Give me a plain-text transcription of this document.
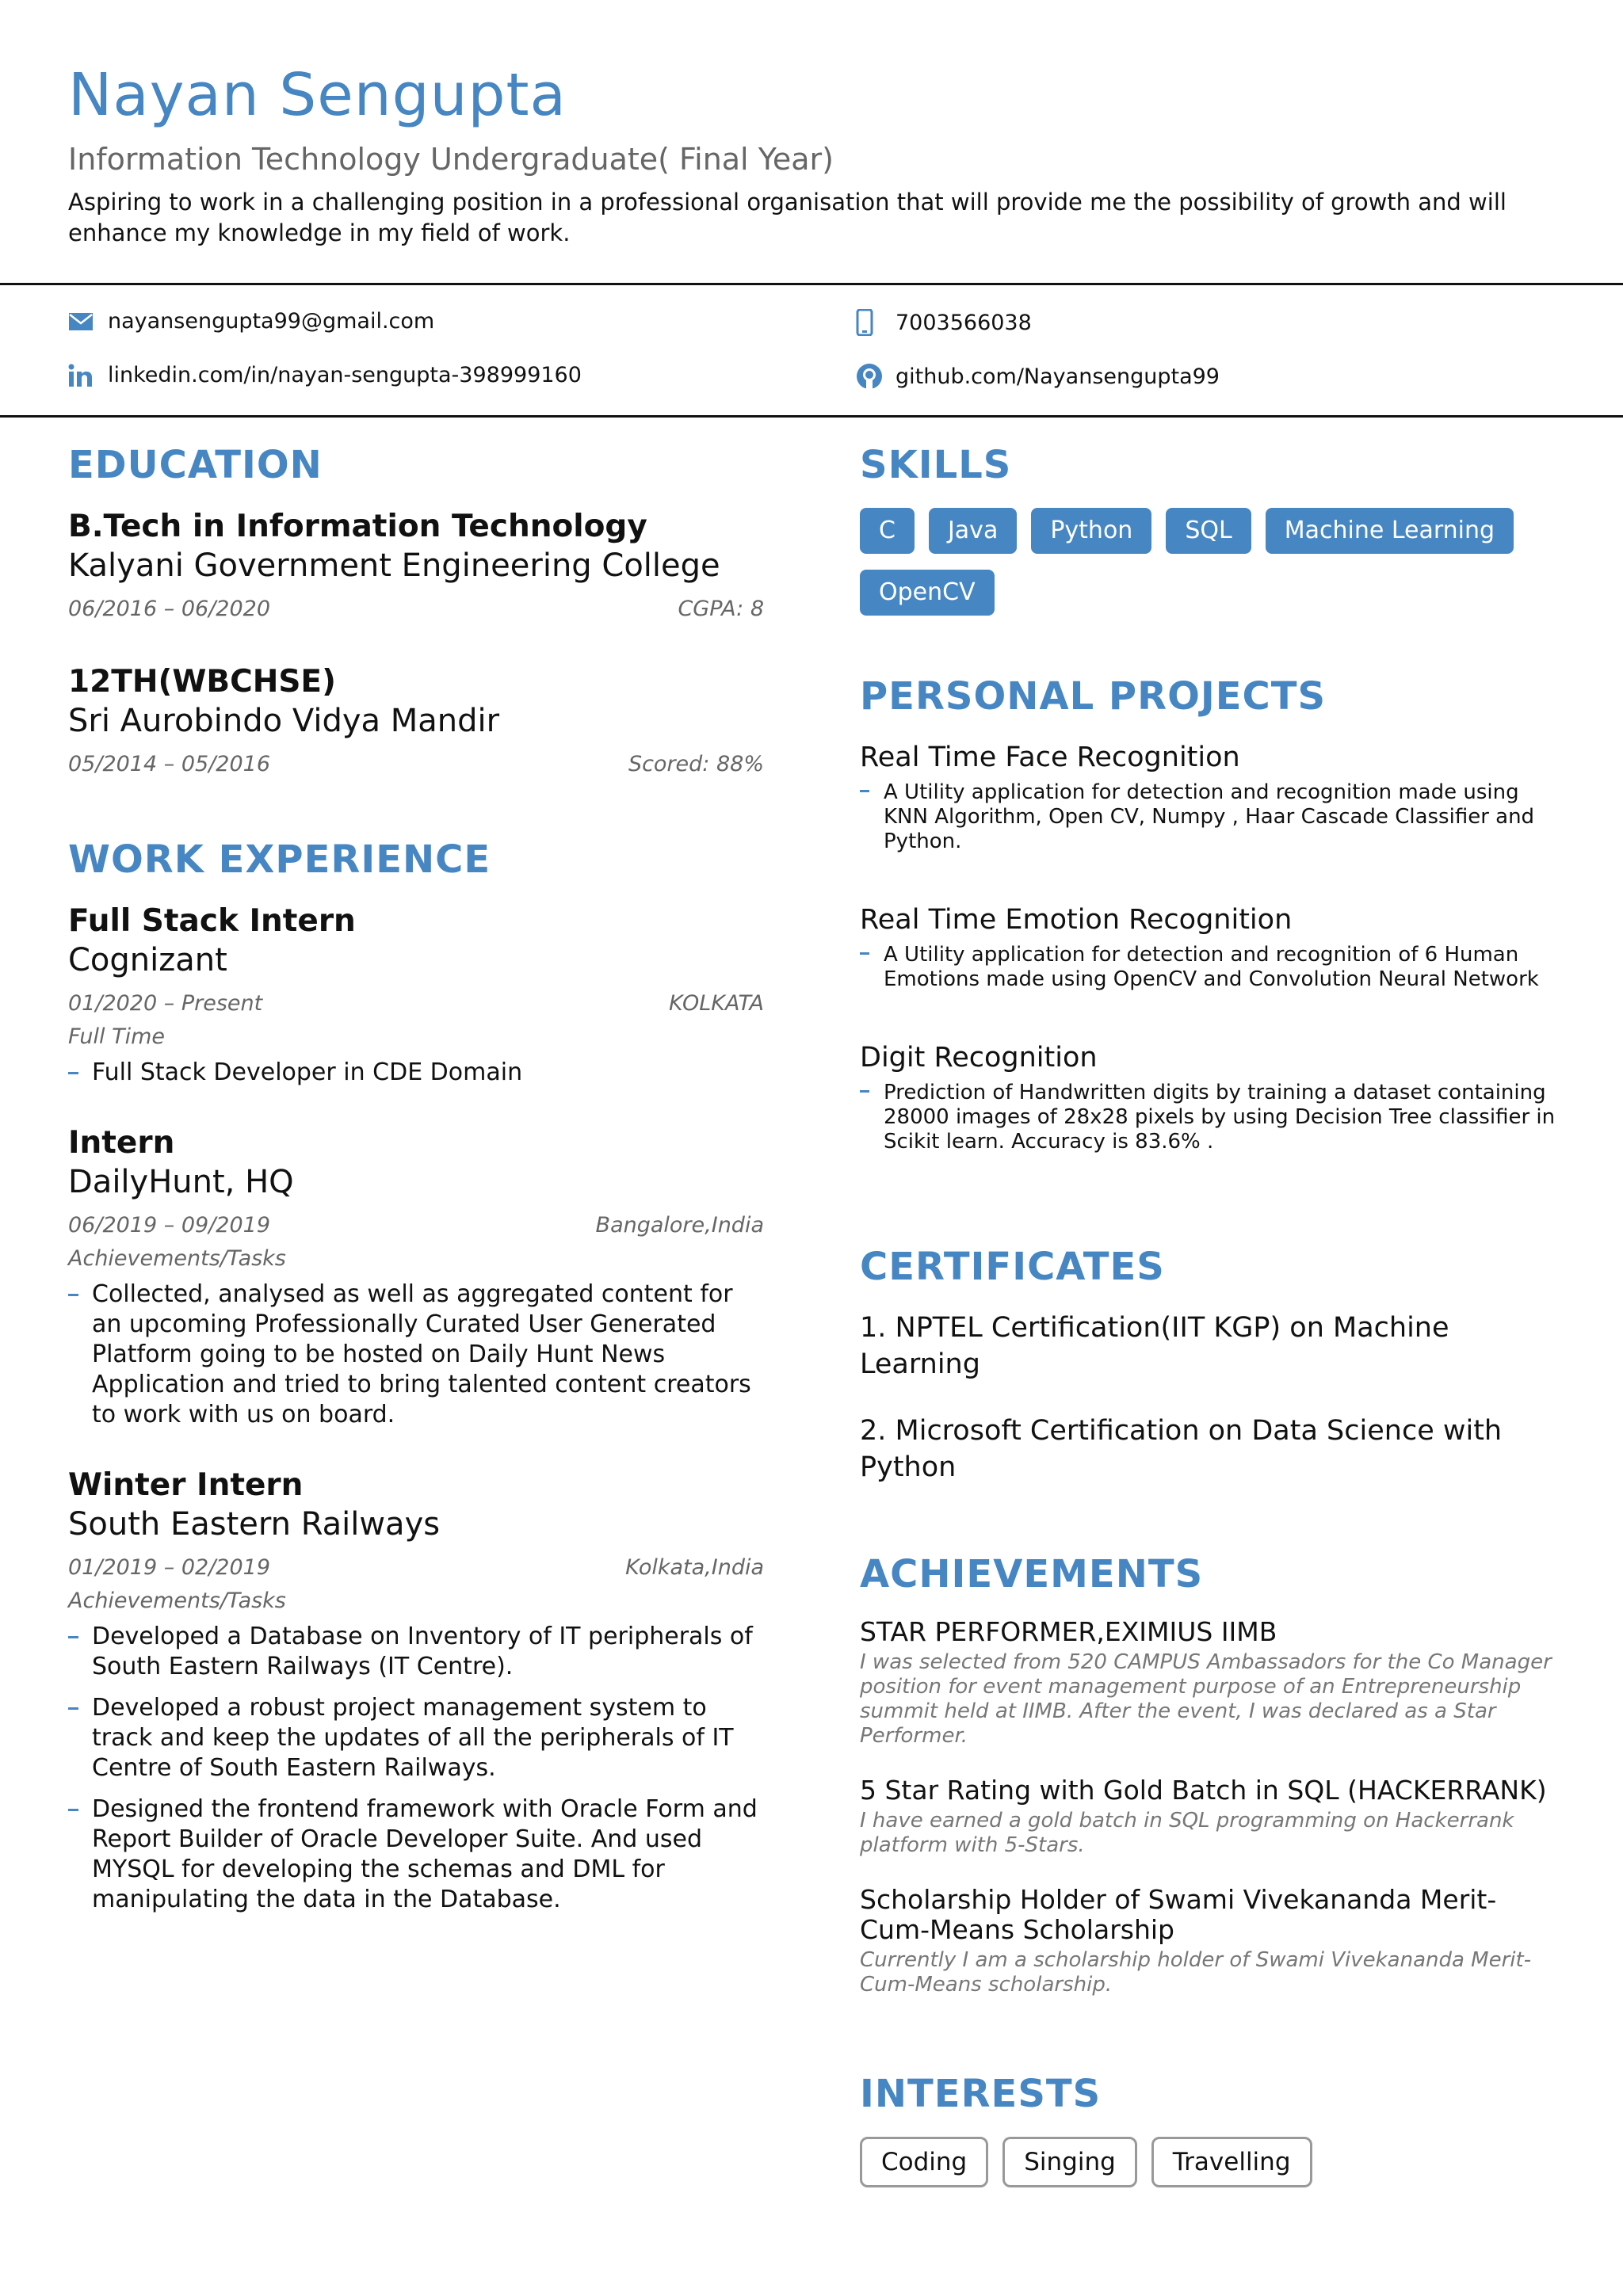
Nayan Sengupta
Information Technology Undergraduate( Final Year)
Aspiring to work in a challenging position in a professional organisation that will provide me the possibility of growth and will enhance my knowledge in my field of work.
nayansengupta99@gmail.com	7003566038
linkedin.com/in/nayan-sengupta-398999160	github.com/Nayansengupta99
EDUCATION
B.Tech in Information Technology
Kalyani Government Engineering College
06/2016 – 06/2020	CGPA: 8
12TH(WBCHSE)
Sri Aurobindo Vidya Mandir
05/2014 – 05/2016	Scored: 88%
WORK EXPERIENCE
Full Stack Intern
Cognizant
01/2020 – Present	KOLKATA
Full Time
Full Stack Developer in CDE Domain
Intern
DailyHunt, HQ
06/2019 – 09/2019	Bangalore,India
Achievements/Tasks
Collected, analysed as well as aggregated content for an upcoming Professionally Curated User Generated Platform going to be hosted on Daily Hunt News Application and tried to bring talented content creators to work with us on board.
Winter Intern
South Eastern Railways
01/2019 – 02/2019	Kolkata,India
Achievements/Tasks
Developed a Database on Inventory of IT peripherals of South Eastern Railways (IT Centre).
Developed a robust project management system to track and keep the updates of all the peripherals of IT Centre of South Eastern Railways.
Designed the frontend framework with Oracle Form and Report Builder of Oracle Developer Suite. And used MYSQL for developing the schemas and DML for manipulating the data in the Database.
SKILLS
C	Java	Python	SQL	Machine Learning
OpenCV
PERSONAL PROJECTS
Real Time Face Recognition
A Utility application for detection and recognition made using KNN Algorithm, Open CV, Numpy , Haar Cascade Classifier and Python.
Real Time Emotion Recognition
A Utility application for detection and recognition of 6 Human Emotions made using OpenCV and Convolution Neural Network
Digit Recognition
Prediction of Handwritten digits by training a dataset containing 28000 images of 28x28 pixels by using Decision Tree classifier in Scikit learn. Accuracy is 83.6% .
CERTIFICATES
1. NPTEL Certification(IIT KGP) on Machine Learning
2. Microsoft Certification on Data Science with Python
ACHIEVEMENTS
STAR PERFORMER,EXIMIUS IIMB
I was selected from 520 CAMPUS Ambassadors for the Co Manager position for event management purpose of an Entrepreneurship summit held at IIMB. After the event, I was declared as a Star Performer.
5 Star Rating with Gold Batch in SQL (HACKERRANK)
I have earned a gold batch in SQL programming on Hackerrank platform with 5-Stars.
Scholarship Holder of Swami Vivekananda Merit-Cum-Means Scholarship
Currently I am a scholarship holder of Swami Vivekananda Merit-Cum-Means scholarship.
INTERESTS
Coding	Singing	Travelling
